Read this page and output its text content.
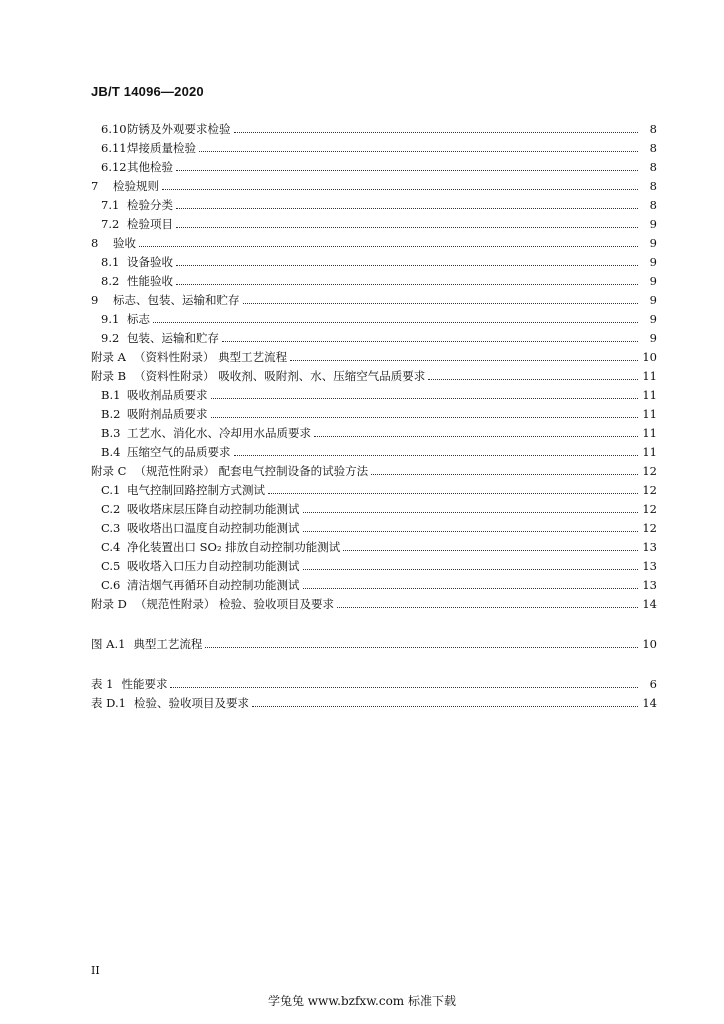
JB/T 14096—2020
6.10 防锈及外观要求检验	8
6.11 焊接质量检验	8
6.12 其他检验	8
7	检验规则	8
7.1 检验分类	8
7.2 检验项目	9
8	验收	9
8.1 设备验收	9
8.2 性能验收	9
9	标志、包装、运输和贮存	9
9.1 标志	9
9.2 包装、运输和贮存	9
附录 A （资料性附录） 典型工艺流程	10
附录 B （资料性附录） 吸收剂、吸附剂、水、压缩空气品质要求	11
B.1 吸收剂品质要求	11
B.2 吸附剂品质要求	11
B.3 工艺水、消化水、冷却用水品质要求	11
B.4 压缩空气的品质要求	11
附录 C （规范性附录） 配套电气控制设备的试验方法	12
C.1 电气控制回路控制方式测试	12
C.2 吸收塔床层压降自动控制功能测试	12
C.3 吸收塔出口温度自动控制功能测试	12
C.4 净化装置出口 SO₂ 排放自动控制功能测试	13
C.5 吸收塔入口压力自动控制功能测试	13
C.6 清洁烟气再循环自动控制功能测试	13
附录 D （规范性附录） 检验、验收项目及要求	14
图 A.1 典型工艺流程	10
表 1 性能要求	6
表 D.1 检验、验收项目及要求	14
II
学兔兔 www.bzfxw.com 标准下载
